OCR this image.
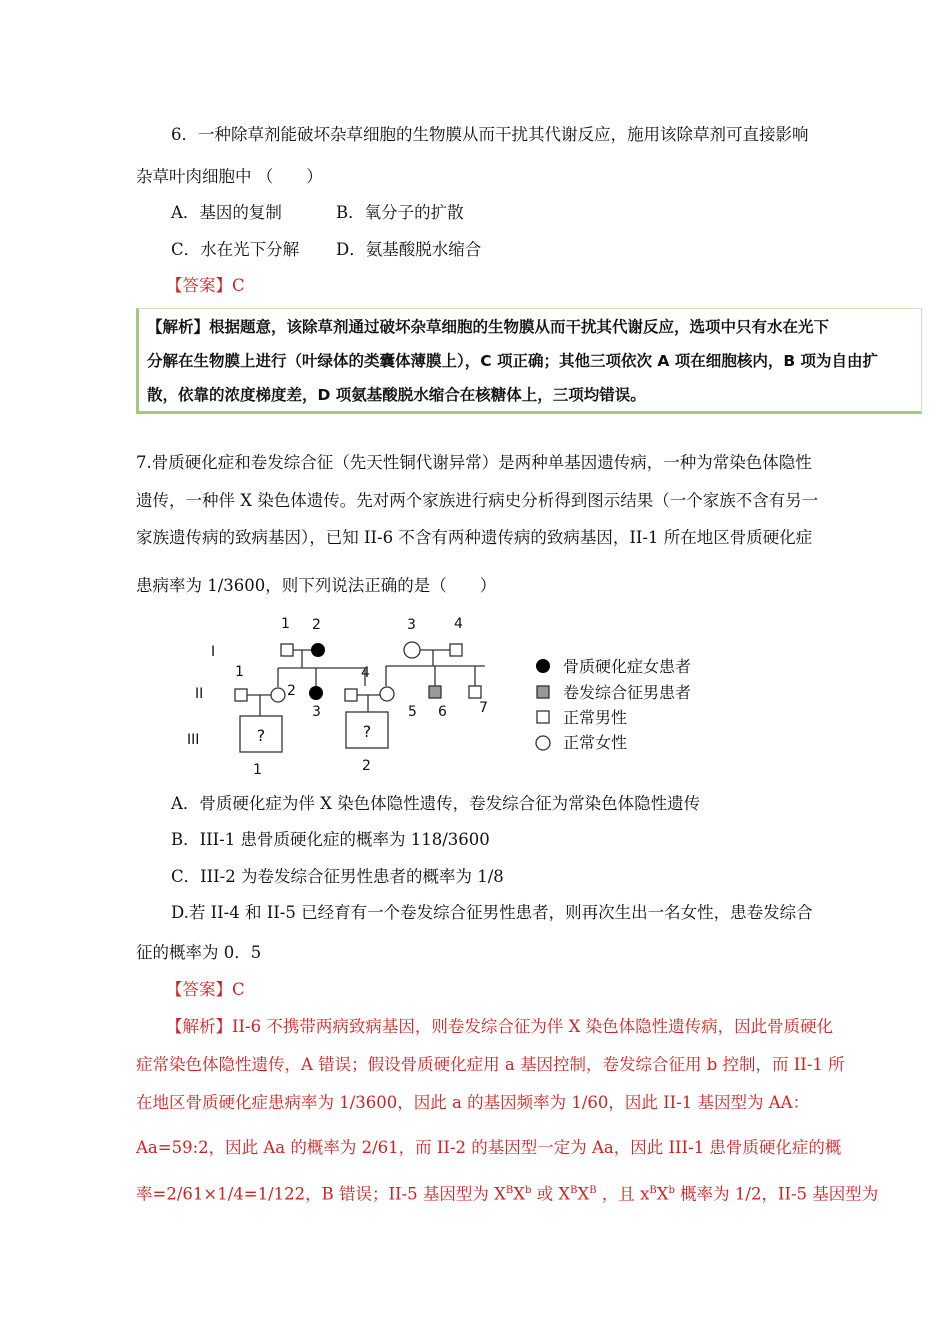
6．一种除草剂能破坏杂草细胞的生物膜从而干扰其代谢反应，施用该除草剂可直接影响
杂草叶肉细胞中 （　　）
A．基因的复制	B．氧分子的扩散
C．水在光下分解 D．氨基酸脱水缩合
【答案】C
【解析】根据题意，该除草剂通过破坏杂草细胞的生物膜从而干扰其代谢反应，选项中只有水在光下
分解在生物膜上进行（叶绿体的类囊体薄膜上），C 项正确；其他三项依次 A 项在细胞核内，B 项为自由扩
散，依靠的浓度梯度差，D 项氨基酸脱水缩合在核糖体上，三项均错误。
7.骨质硬化症和卷发综合征（先天性铜代谢异常）是两种单基因遗传病，一种为常染色体隐性
遗传，一种伴 X 染色体遗传。先对两个家族进行病史分析得到图示结果（一个家族不含有另一
家族遗传病的致病基因），已知 II-6 不含有两种遗传病的致病基因，II-1 所在地区骨质硬化症
患病率为 1/3600，则下列说法正确的是（　　）
?	?
I
II
III
1 2	3	4
1
2
3
4
5 6 7
1	2
骨质硬化症女患者
卷发综合征男患者
正常男性
正常女性
A．骨质硬化症为伴 X 染色体隐性遗传，卷发综合征为常染色体隐性遗传
B．III-1 患骨质硬化症的概率为 118/3600
C．III-2 为卷发综合征男性患者的概率为 1/8
D.若 II-4 和 II-5 已经育有一个卷发综合征男性患者，则再次生出一名女性，患卷发综合
征的概率为 0．5
【答案】C
【解析】II-6 不携带两病致病基因，则卷发综合征为伴 X 染色体隐性遗传病，因此骨质硬化
症常染色体隐性遗传，A 错误；假设骨质硬化症用 a 基因控制，卷发综合征用 b 控制，而 II-1 所
在地区骨质硬化症患病率为 1/3600，因此 a 的基因频率为 1/60，因此 II-1 基因型为 AA：
Aa=59:2，因此 Aa 的概率为 2/61，而 II-2 的基因型一定为 Aa，因此 III-1 患骨质硬化症的概
率=2/61×1/4=1/122，B 错误；II-5 基因型为 $X^BX^b$ 或 $X^BX^B$ ，且 $x^BX^b$ 概率为 1/2，II-5 基因型为
